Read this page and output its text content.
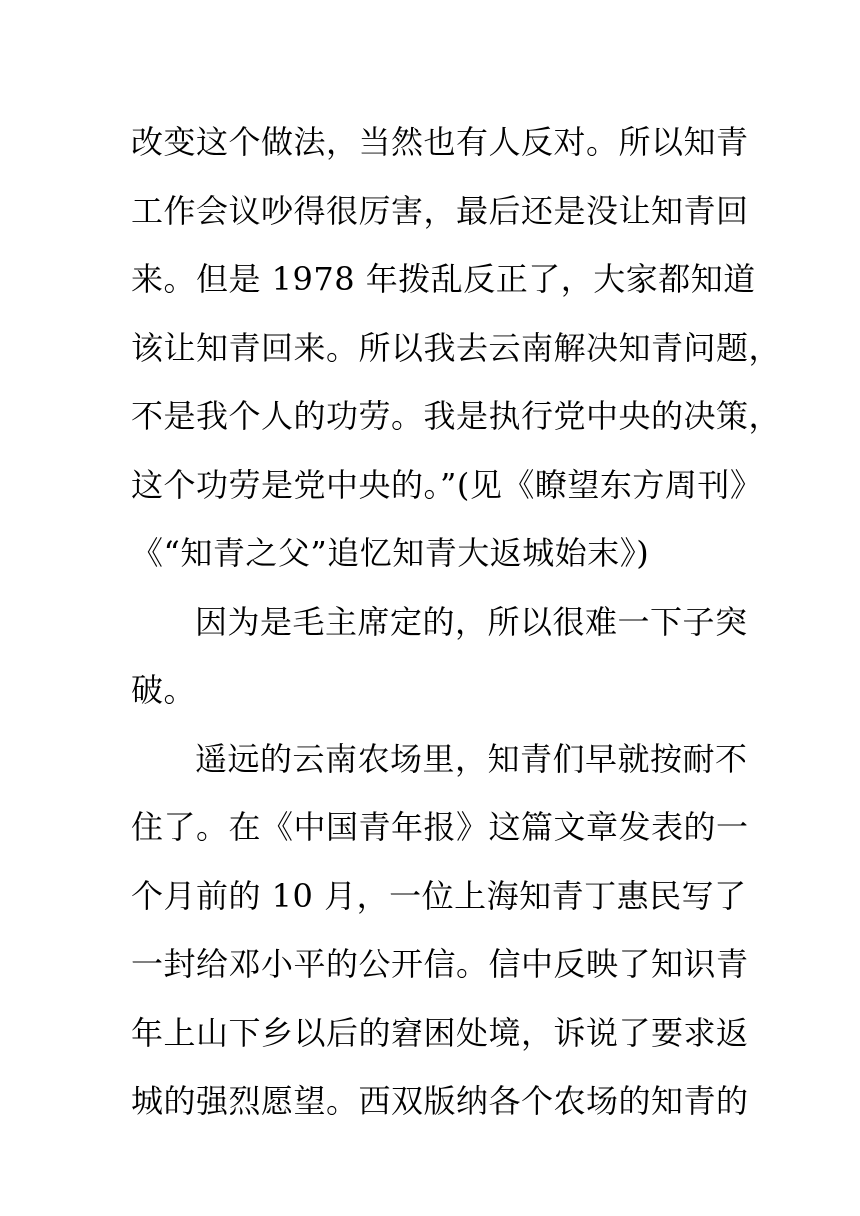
改变这个做法，当然也有人反对。所以知青
工作会议吵得很厉害，最后还是没让知青回
来。但是 1978 年拨乱反正了，大家都知道
该让知青回来。所以我去云南解决知青问题，
不是我个人的功劳。我是执行党中央的决策，
这个功劳是党中央的。”(见《瞭望东方周刊》
《“知青之父”追忆知青大返城始末》)
因为是毛主席定的，所以很难一下子突
破。
遥远的云南农场里，知青们早就按耐不
住了。在《中国青年报》这篇文章发表的一
个月前的 10 月，一位上海知青丁惠民写了
一封给邓小平的公开信。信中反映了知识青
年上山下乡以后的窘困处境，诉说了要求返
城的强烈愿望。西双版纳各个农场的知青的
